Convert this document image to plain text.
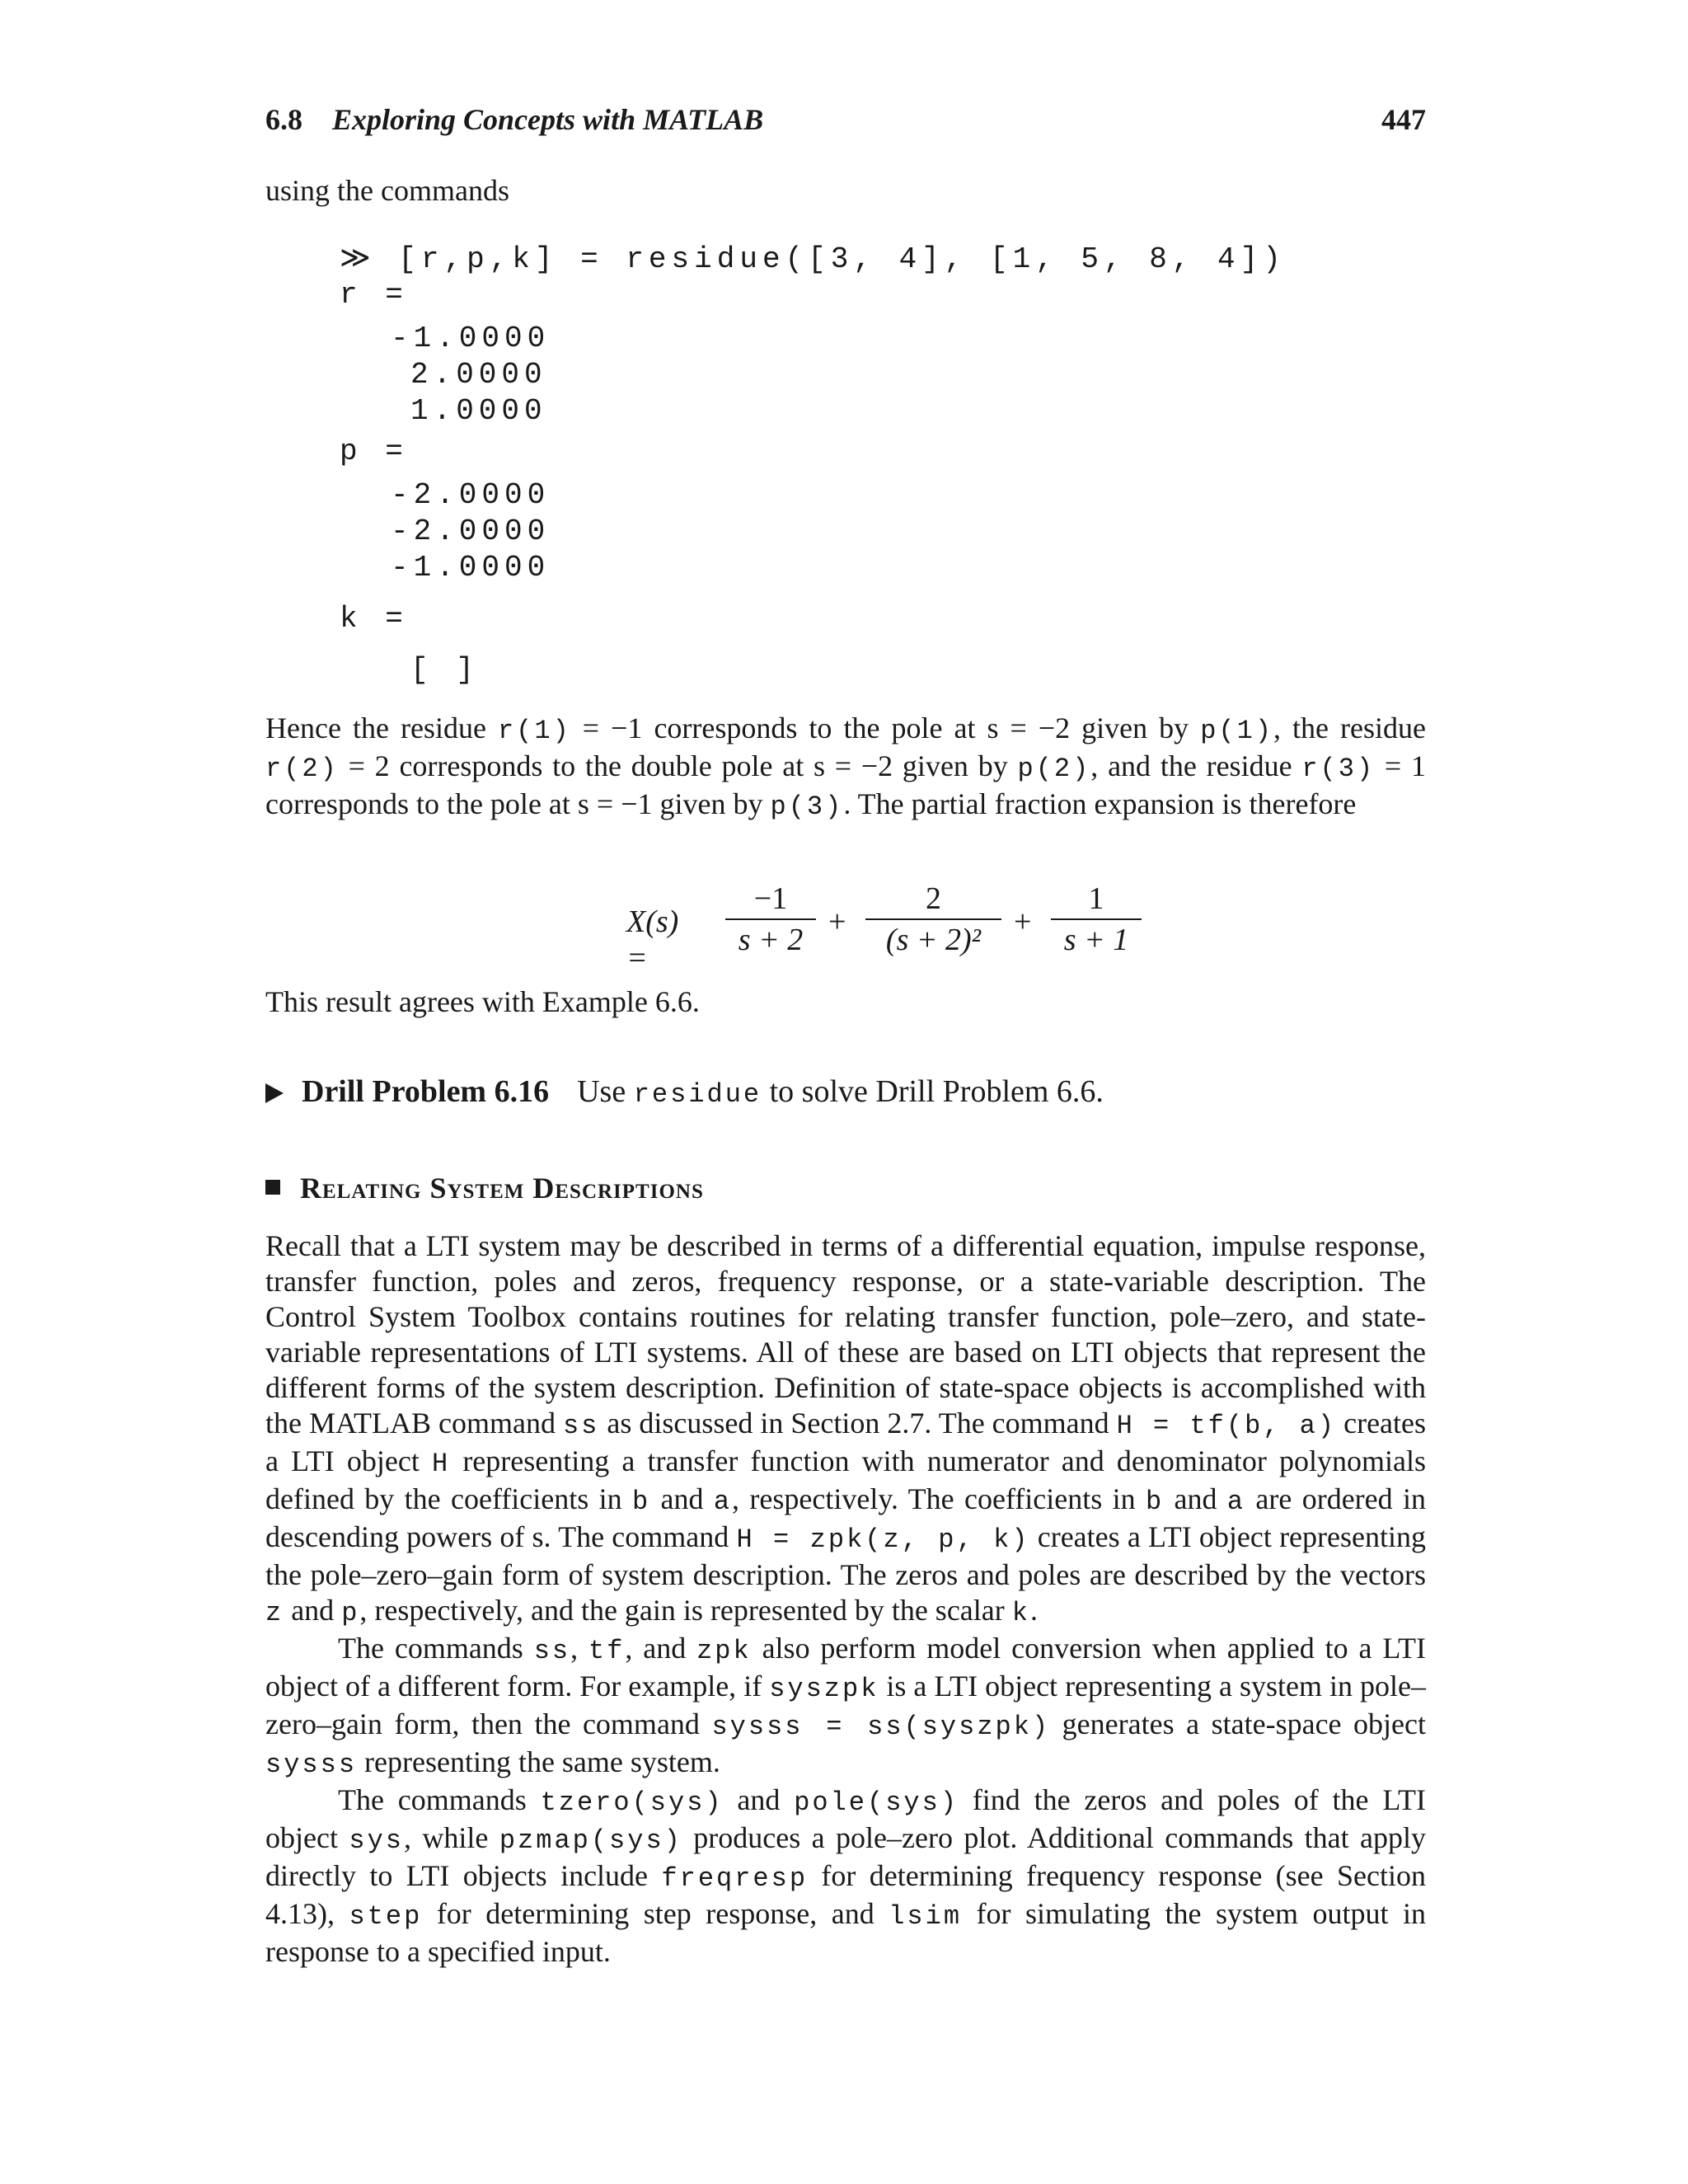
6.8 Exploring Concepts with MATLAB	447

using the commands

≫ [r,p,k] = residue([3, 4], [1, 5, 8, 4])
r =
-1.0000
2.0000
1.0000
p =
-2.0000
-2.0000
-1.0000
k =
[ ]

Hence the residue r(1) = −1 corresponds to the pole at s = −2 given by p(1), the residue r(2) = 2 corresponds to the double pole at s = −2 given by p(2), and the residue r(3) = 1 corresponds to the pole at s = −1 given by p(3). The partial fraction expansion is therefore

X(s) =	$\frac{-1}{s + 2} + \frac{2}{\text{(s + 2)²}} + \frac{1}{s + 1}$

This result agrees with Example 6.6.

Drill Problem 6.16 Use residue to solve Drill Problem 6.6.
Relating System Descriptions

Recall that a LTI system may be described in terms of a differential equation, impulse response, transfer function, poles and zeros, frequency response, or a state-variable description. The Control System Toolbox contains routines for relating transfer function, pole–zero, and state-variable representations of LTI systems. All of these are based on LTI objects that represent the different forms of the system description. Definition of state-space objects is accomplished with the MATLAB command ss as discussed in Section 2.7. The command H = tf(b, a) creates a LTI object H representing a transfer function with numerator and denominator polynomials defined by the coefficients in b and a, respectively. The coefficients in b and a are ordered in descending powers of s. The command H = zpk(z, p, k) creates a LTI object representing the pole–zero–gain form of system description. The zeros and poles are described by the vectors z and p, respectively, and the gain is represented by the scalar k.

The commands ss, tf, and zpk also perform model conversion when applied to a LTI object of a different form. For example, if syszpk is a LTI object representing a system in pole–zero–gain form, then the command sysss = ss(syszpk) generates a state-space object sysss representing the same system.

The commands tzero(sys) and pole(sys) find the zeros and poles of the LTI object sys, while pzmap(sys) produces a pole–zero plot. Additional commands that apply directly to LTI objects include freqresp for determining frequency response (see Section 4.13), step for determining step response, and lsim for simulating the system output in response to a specified input.
